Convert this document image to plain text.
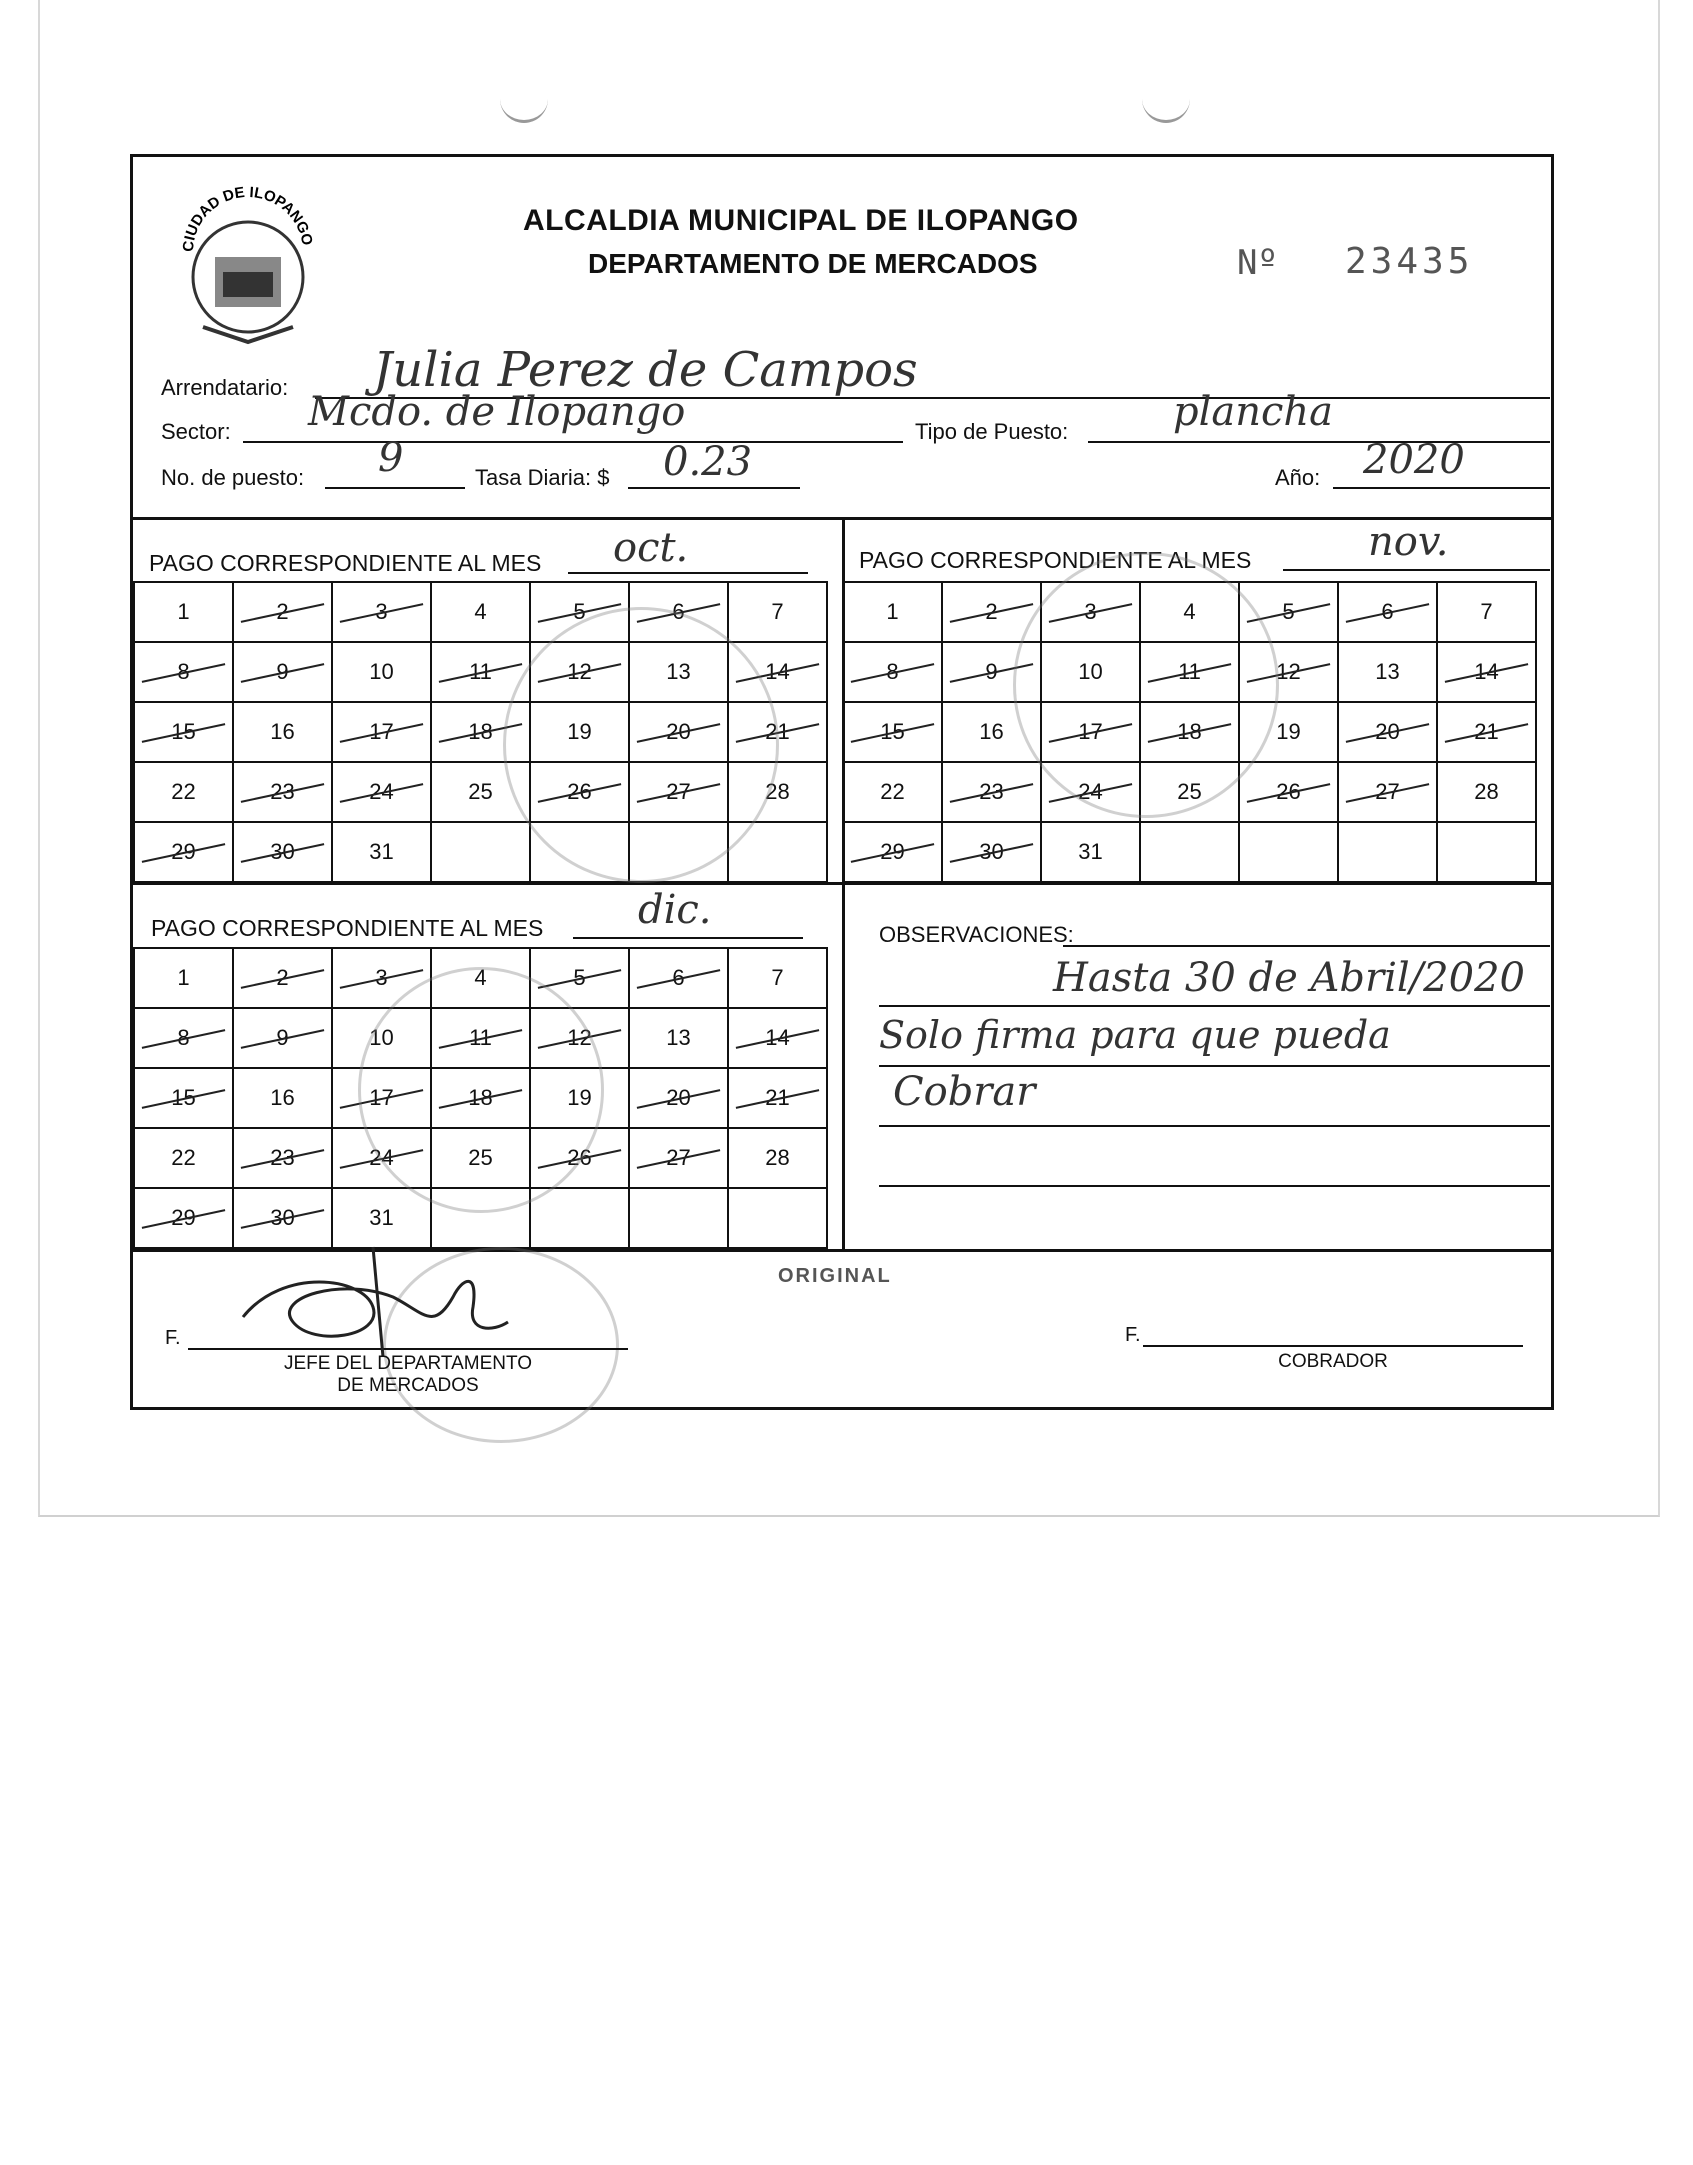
CIUDAD DE ILOPANGO
ALCALDIA MUNICIPAL DE ILOPANGO
DEPARTAMENTO DE MERCADOS	Nº 23435
Arrendatario: Julia Perez de Campos
Sector: Mcdo. de Ilopango	Tipo de Puesto:	plancha
No. de puesto: 9	Tasa Diaria: $ 0.23	Año: 2020
PAGO CORRESPONDIENTE AL MES oct.
1	2	3	4	5	6	7
8	9	10	11	12	13	14

15	16	17	18	19	20	21

22	23	24	25	26	27	28
29	30	31				
PAGO CORRESPONDIENTE AL MES	nov.
1	2	3	4	5	6	7
8	9	10	11	12	13	14

15	16	17	18	19	20	21

22	23	24	25	26	27	28
29	30	31				
PAGO CORRESPONDIENTE AL MES dic.
1	2	3	4	5	6	7
8	9	10	11	12	13	14

15	16	17	18	19	20	21

22	23	24	25	26	27	28
29	30	31				
OBSERVACIONES:
Hasta 30 de Abril/2020
Solo firma para que pueda
Cobrar
ORIGINAL
F.
JEFE DEL DEPARTAMENTO
DE MERCADOS
F.
COBRADOR
